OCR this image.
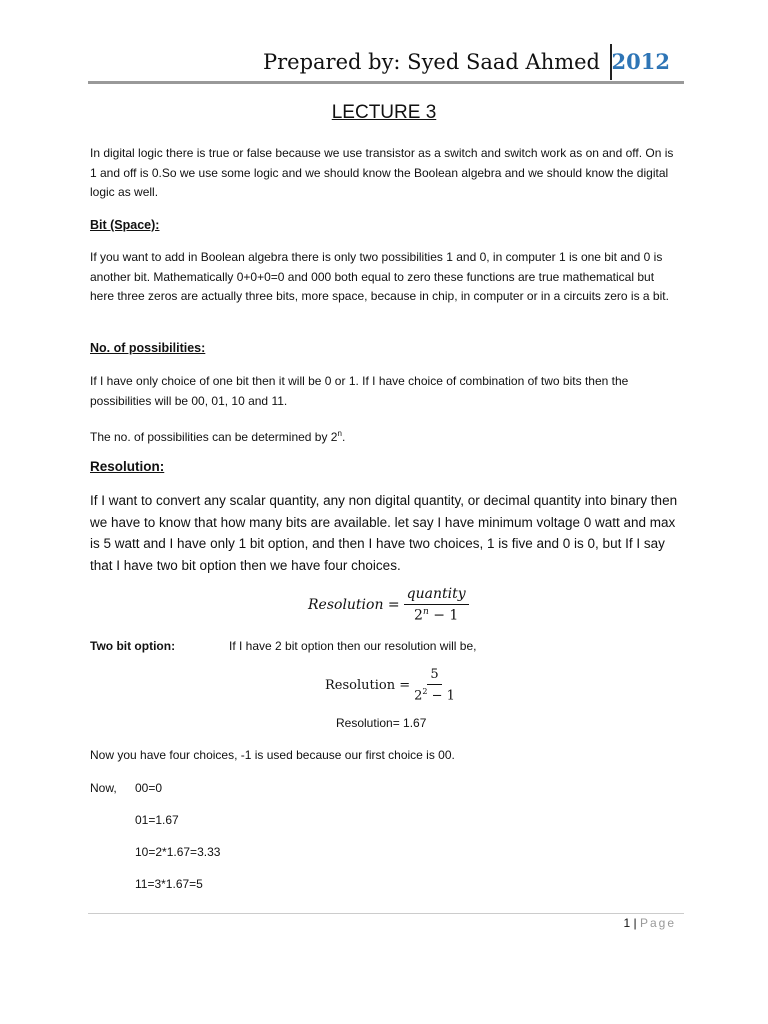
Prepared by: Syed Saad Ahmed 2012
LECTURE 3
In digital logic there is true or false because we use transistor as a switch and switch work as on and off. On is 1 and off is 0.So we use some logic and we should know the Boolean algebra and we should know the digital logic as well.
Bit (Space):
If you want to add in Boolean algebra there is only two possibilities 1 and 0, in computer 1 is one bit and 0 is another bit. Mathematically 0+0+0=0 and 000 both equal to zero these functions are true mathematical but here three zeros are actually three bits, more space, because in chip, in computer or in a circuits zero is a bit.
No. of possibilities:
If I have only choice of one bit then it will be 0 or 1. If I have choice of combination of two bits then the possibilities will be 00, 01, 10 and 11.
The no. of possibilities can be determined by 2$^n$.
Resolution:
If I want to convert any scalar quantity, any non digital quantity, or decimal quantity into binary then we have to know that how many bits are available. let say I have minimum voltage 0 watt and max is 5 watt and I have only 1 bit option, and then I have two choices, 1 is five and 0 is 0, but If I say that I have two bit option then we have four choices.
Resolution = $\frac{\text{quantity}}{2^n - 1}$
Two bit option:	If I have 2 bit option then our resolution will be,
Resolution = $\frac{5}{2^2 - 1}$
Resolution= 1.67
Now you have four choices, -1 is used because our first choice is 00.
Now, 00=0
01=1.67
10=2*1.67=3.33
11=3*1.67=5
1 | Page
